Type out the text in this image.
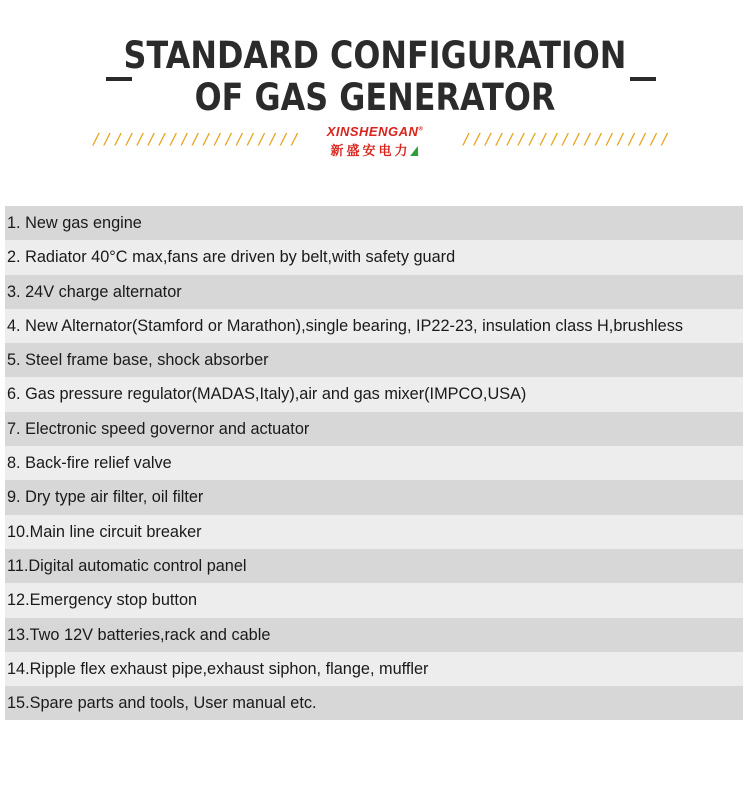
STANDARD CONFIGURATION
OF GAS GENERATOR
///////////////////	XINSHENGAN®
新盛安电力
///////////////////
1. New gas engine
2. Radiator 40°C max,fans are driven by belt,with safety guard
3. 24V charge alternator
4. New Alternator(Stamford or Marathon),single bearing, IP22-23, insulation class H,brushless
5. Steel frame base, shock absorber
6. Gas pressure regulator(MADAS,Italy),air and gas mixer(IMPCO,USA)
7. Electronic speed governor and actuator
8. Back-fire relief valve
9. Dry type air filter, oil filter
10.Main line circuit breaker
11.Digital automatic control panel
12.Emergency stop button
13.Two 12V batteries,rack and cable
14.Ripple flex exhaust pipe,exhaust siphon, flange, muffler
15.Spare parts and tools, User manual etc.
